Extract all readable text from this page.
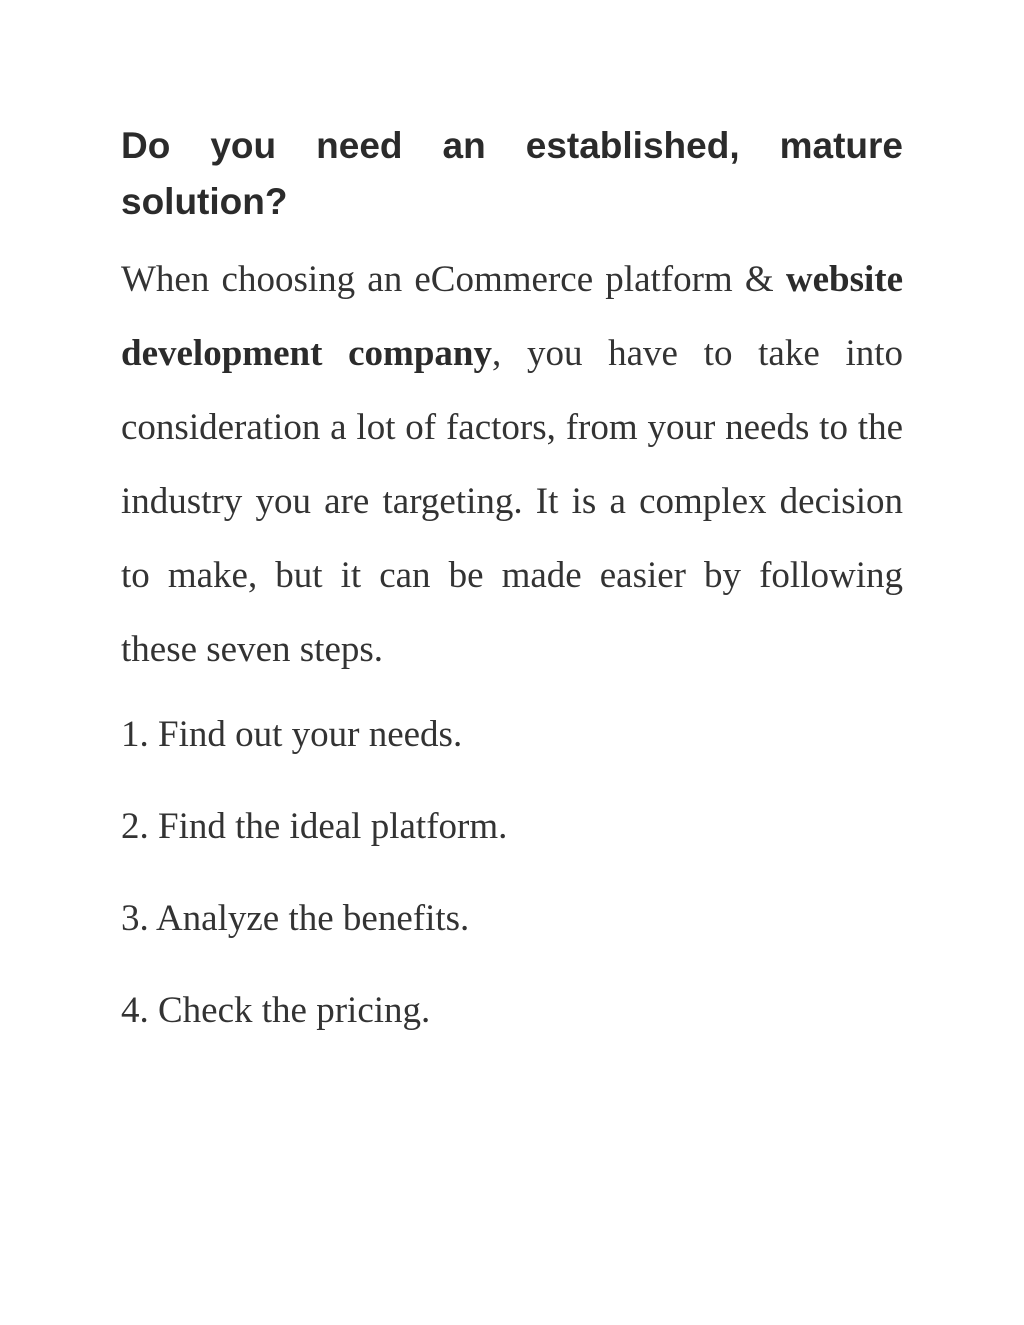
Do you need an established, mature solution?

When choosing an eCommerce platform & website development company, you have to take into consideration a lot of factors, from your needs to the industry you are targeting. It is a complex decision to make, but it can be made easier by following these seven steps.

1. Find out your needs.
2. Find the ideal platform.
3. Analyze the benefits.
4. Check the pricing.
